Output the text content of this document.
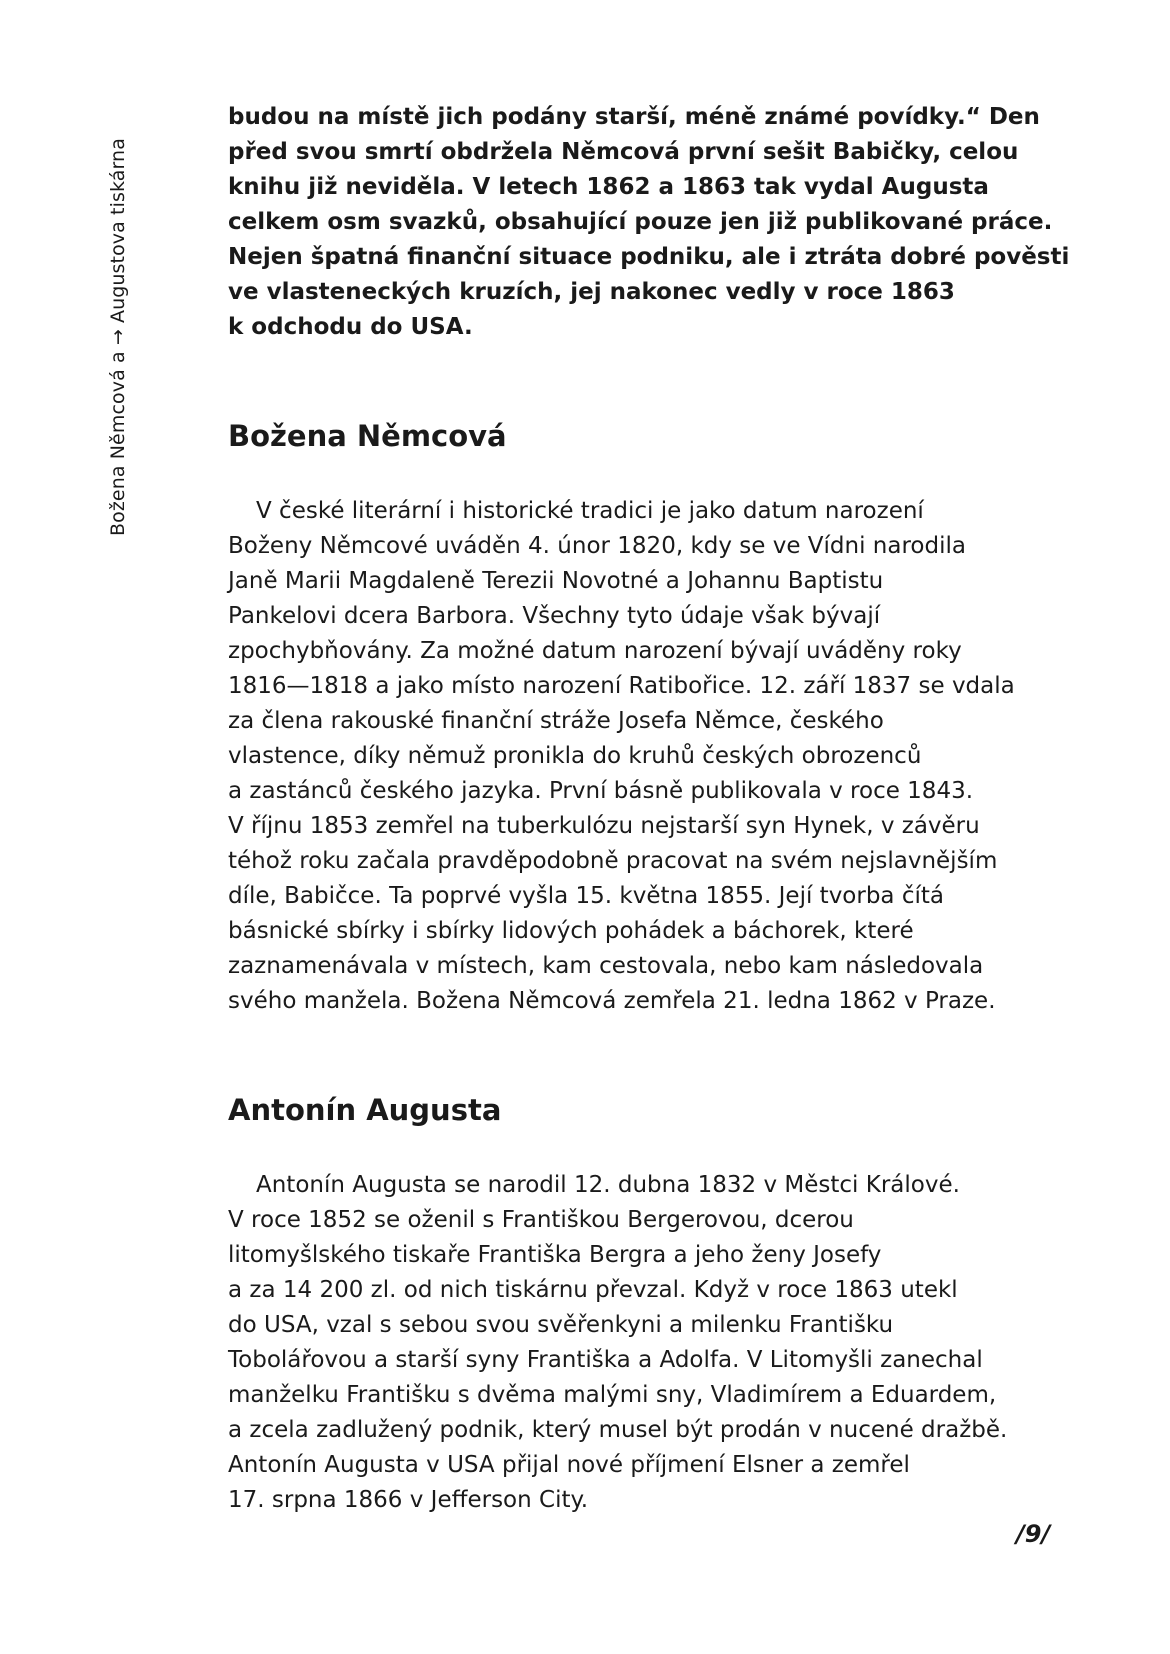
Božena Němcová a → Augustova tiskárna

budou na místě jich podány starší, méně známé povídky.“ Den
před svou smrtí obdržela Němcová první sešit Babičky, celou
knihu již neviděla. V letech 1862 a 1863 tak vydal Augusta
celkem osm svazků, obsahující pouze jen již publikované práce.
Nejen špatná finanční situace podniku, ale i ztráta dobré pověsti
ve vlasteneckých kruzích, jej nakonec vedly v roce 1863
k odchodu do USA.

Božena Němcová

V české literární i historické tradici je jako datum narození
Boženy Němcové uváděn 4. únor 1820, kdy se ve Vídni narodila
Janě Marii Magdaleně Terezii Novotné a Johannu Baptistu
Pankelovi dcera Barbora. Všechny tyto údaje však bývají
zpochybňovány. Za možné datum narození bývají uváděny roky
1816—1818 a jako místo narození Ratibořice. 12. září 1837 se vdala
za člena rakouské finanční stráže Josefa Němce, českého
vlastence, díky němuž pronikla do kruhů českých obrozenců
a zastánců českého jazyka. První básně publikovala v roce 1843.
V říjnu 1853 zemřel na tuberkulózu nejstarší syn Hynek, v závěru
téhož roku začala pravděpodobně pracovat na svém nejslavnějším
díle, Babičce. Ta poprvé vyšla 15. května 1855. Její tvorba čítá
básnické sbírky i sbírky lidových pohádek a báchorek, které
zaznamenávala v místech, kam cestovala, nebo kam následovala
svého manžela. Božena Němcová zemřela 21. ledna 1862 v Praze.

Antonín Augusta

Antonín Augusta se narodil 12. dubna 1832 v Městci Králové.
V roce 1852 se oženil s Františkou Bergerovou, dcerou
litomyšlského tiskaře Františka Bergra a jeho ženy Josefy
a za 14 200 zl. od nich tiskárnu převzal. Když v roce 1863 utekl
do USA, vzal s sebou svou svěřenkyni a milenku Františku
Tobolářovou a starší syny Františka a Adolfa. V Litomyšli zanechal
manželku Františku s dvěma malými sny, Vladimírem a Eduardem,
a zcela zadlužený podnik, který musel být prodán v nucené dražbě.
Antonín Augusta v USA přijal nové příjmení Elsner a zemřel
17. srpna 1866 v Jefferson City.

/9/
